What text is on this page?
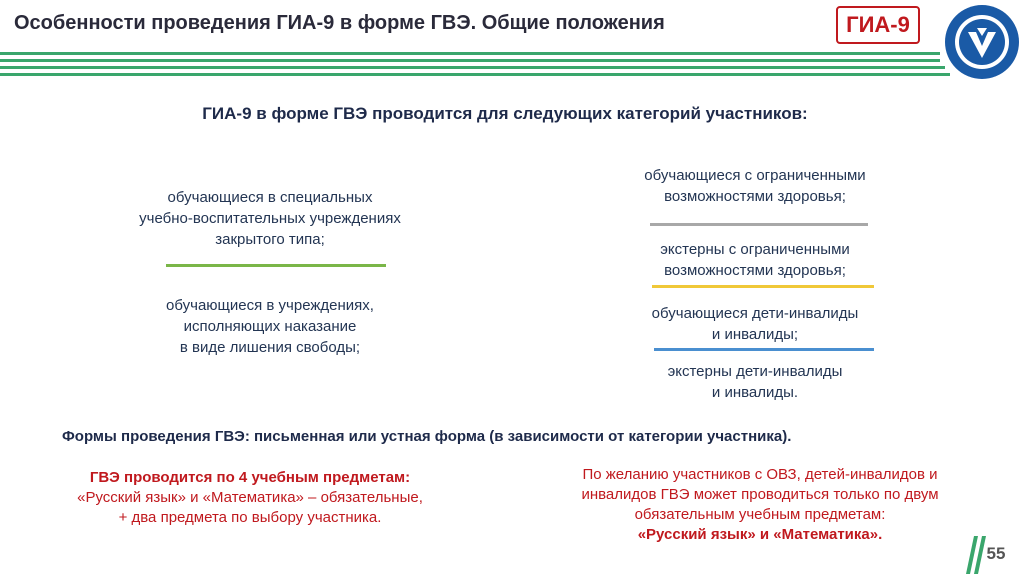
Особенности проведения ГИА-9 в форме ГВЭ. Общие положения	ГИА-9
ГИА-9 в форме ГВЭ проводится для следующих категорий участников:
обучающиеся в специальных
учебно-воспитательных учреждениях
закрытого типа;
обучающиеся в учреждениях,
исполняющих наказание
в виде лишения свободы;
обучающиеся с ограниченными
возможностями здоровья;
экстерны с ограниченными
возможностями здоровья;
обучающиеся дети-инвалиды
и инвалиды;
экстерны дети-инвалиды
и инвалиды.
Формы проведения ГВЭ: письменная или устная форма (в зависимости от категории участника).
ГВЭ проводится по 4 учебным предметам:
«Русский язык» и «Математика» – обязательные,
+ два предмета по выбору участника.
По желанию участников с ОВЗ, детей-инвалидов и
инвалидов ГВЭ может проводиться только по двум
обязательным учебным предметам:
«Русский язык» и «Математика».
55
